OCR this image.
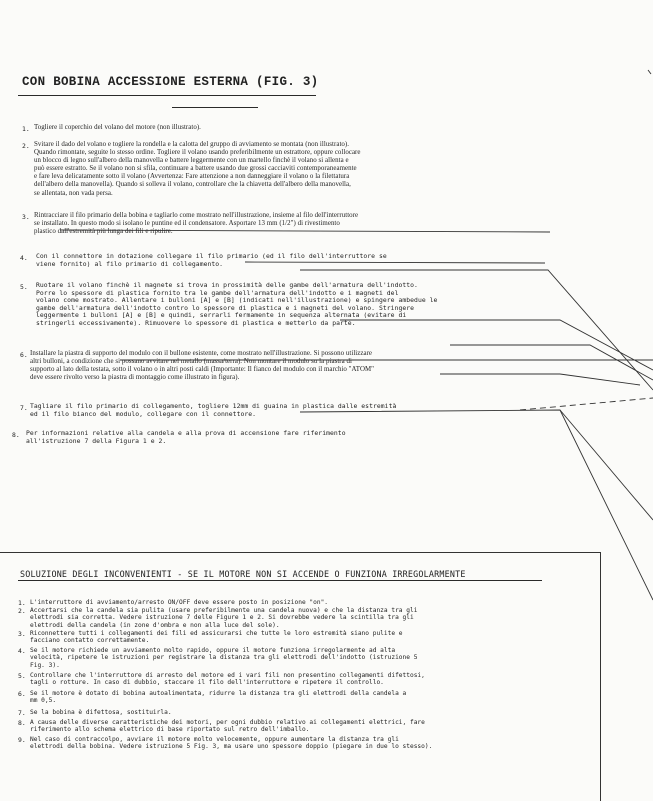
CON BOBINA ACCESSIONE ESTERNA (FIG. 3)
1. Togliere il coperchio del volano del motore (non illustrato).
2. Svitare il dado del volano e togliere la rondella e la calotta del gruppo di avviamento se montata (non illustrato).
Quando rimontate, seguite lo stesso ordine. Togliere il volano usando preferibilmente un estrattore, oppure collocare
un blocco di legno sull'albero della manovella e battere leggermente con un martello finchè il volano si allenta e
può essere estratto. Se il volano non si sfila, continuare a battere usando due grossi cacciaviti contemporaneamente
e fare leva delicatamente sotto il volano (Avvertenza: Fare attenzione a non danneggiare il volano o la filettatura
dell'albero della manovella). Quando si solleva il volano, controllare che la chiavetta dell'albero della manovella,
se allentata, non vada persa.
3. Rintracciare il filo primario della bobina e tagliarlo come mostrato nell'illustrazione, insieme al filo dell'interruttore
se installato. In questo modo si isolano le puntine ed il condensatore. Asportare 13 mm (1/2") di rivestimento
plastico dall'estremità più lunga dei fili e ripulire.
4. Con il connettore in dotazione collegare il filo primario (ed il filo dell'interruttore se
viene fornito) al filo primario di collegamento.
5. Ruotare il volano finchè il magnete si trova in prossimità delle gambe dell'armatura dell'indotto.
Porre lo spessore di plastica fornito tra le gambe dell'armatura dell'indotto e i magneti del
volano come mostrato. Allentare i bulloni [A] e [B] (indicati nell'illustrazione) e spingere ambedue le
gambe dell'armatura dell'indotto contro lo spessore di plastica e i magneti del volano. Stringere
leggermente i bulloni [A] e [B] e quindi, serrarli fermamente in sequenza alternata (evitare di
stringerli eccessivamente). Rimuovere lo spessore di plastica e metterlo da parte.
6. Installare la piastra di supporto del modulo con il bullone esistente, come mostrato nell'illustrazione. Si possono utilizzare
altri bulloni, a condizione che si possano avvitare nel metallo (massa/terra). Non montare il modulo su la piastra di
supporto al lato della testata, sotto il volano o in altri posti caldi (Importante: Il fianco del modulo con il marchio "ATOM"
deve essere rivolto verso la piastra di montaggio come illustrato in figura).
7. Tagliare il filo primario di collegamento, togliere 12mm di guaina in plastica dalle estremità
ed il filo bianco del modulo, collegare con il connettore.
8. Per informazioni relative alla candela e alla prova di accensione fare riferimento
all'istruzione 7 della Figura 1 e 2.
SOLUZIONE DEGLI INCONVENIENTI - SE IL MOTORE NON SI ACCENDE O FUNZIONA IRREGOLARMENTE
1. L'interruttore di avviamento/arresto ON/OFF deve essere posto in posizione "on".
2. Accertarsi che la candela sia pulita (usare preferibilmente una candela nuova) e che la distanza tra gli
elettrodi sia corretta. Vedere istruzione 7 delle Figure 1 e 2. Si dovrebbe vedere la scintilla tra gli
elettrodi della candela (in zone d'ombra e non alla luce del sole).
3. Riconnettere tutti i collegamenti dei fili ed assicurarsi che tutte le loro estremità siano pulite e
facciano contatto correttamente.
4. Se il motore richiede un avviamento molto rapido, oppure il motore funziona irregolarmente ad alta
velocità, ripetere le istruzioni per registrare la distanza tra gli elettrodi dell'indotto (istruzione 5
Fig. 3).
5. Controllare che l'interruttore di arresto del motore ed i vari fili non presentino collegamenti difettosi,
tagli o rotture. In caso di dubbio, staccare il filo dell'interruttore e ripetere il controllo.
6. Se il motore è dotato di bobina autoalimentata, ridurre la distanza tra gli elettrodi della candela a
mm 0,5.
7. Se la bobina è difettosa, sostituirla.
8. A causa delle diverse caratteristiche dei motori, per ogni dubbio relativo ai collegamenti elettrici, fare
riferimento allo schema elettrico di base riportato sul retro dell'imballo.
9. Nel caso di contraccolpo, avviare il motore molto velocemente, oppure aumentare la distanza tra gli
elettrodi della bobina. Vedere istruzione 5 Fig. 3, ma usare uno spessore doppio (piegare in due lo stesso).
